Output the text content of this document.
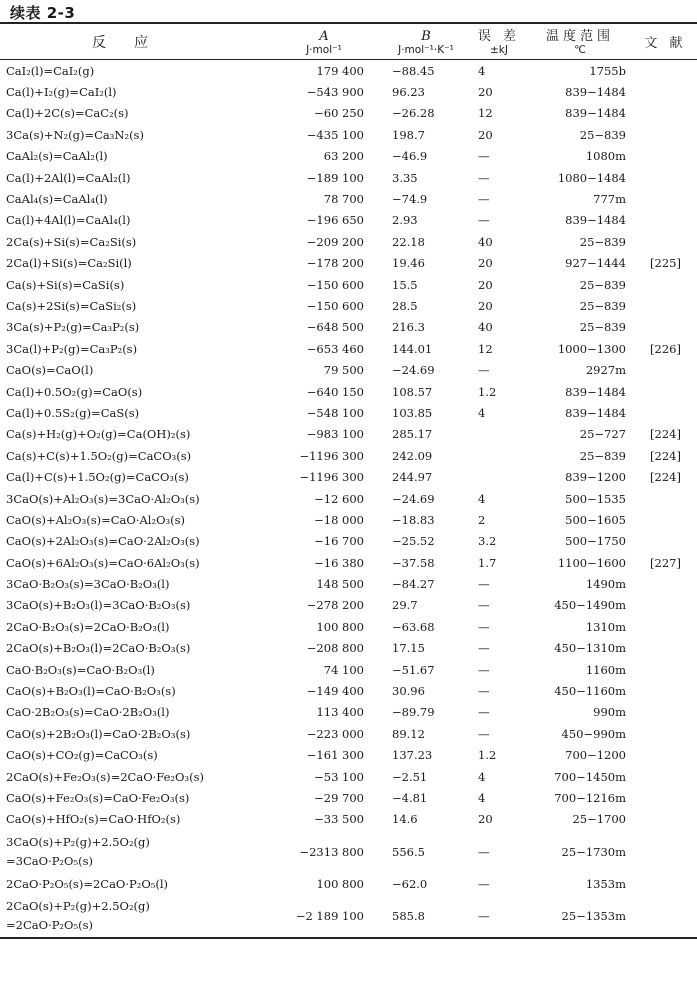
续表 2-3
反应	A	B	误 差	温度范围	文 献
	J·mol⁻¹	J·mol⁻¹·K⁻¹	±kJ	℃	
CaI₂(l)=CaI₂(g)	179 400	−88.45	4	1755b	
Ca(l)+I₂(g)=CaI₂(l)	−543 900	96.23	20	839−1484	
Ca(l)+2C(s)=CaC₂(s)	−60 250	−26.28	12	839−1484	
3Ca(s)+N₂(g)=Ca₃N₂(s)	−435 100	198.7	20	25−839	
CaAl₂(s)=CaAl₂(l)	63 200	−46.9	—	1080m	
Ca(l)+2Al(l)=CaAl₂(l)	−189 100	3.35	—	1080−1484	
CaAl₄(s)=CaAl₄(l)	78 700	−74.9	—	777m	
Ca(l)+4Al(l)=CaAl₄(l)	−196 650	2.93	—	839−1484	
2Ca(s)+Si(s)=Ca₂Si(s)	−209 200	22.18	40	25−839	
2Ca(l)+Si(s)=Ca₂Si(l)	−178 200	19.46	20	927−1444	[225]
Ca(s)+Si(s)=CaSi(s)	−150 600	15.5	20	25−839	
Ca(s)+2Si(s)=CaSi₂(s)	−150 600	28.5	20	25−839	
3Ca(s)+P₂(g)=Ca₃P₂(s)	−648 500	216.3	40	25−839	
3Ca(l)+P₂(g)=Ca₃P₂(s)	−653 460	144.01	12	1000−1300	[226]
CaO(s)=CaO(l)	79 500	−24.69	—	2927m	
Ca(l)+0.5O₂(g)=CaO(s)	−640 150	108.57	1.2	839−1484	
Ca(l)+0.5S₂(g)=CaS(s)	−548 100	103.85	4	839−1484	
Ca(s)+H₂(g)+O₂(g)=Ca(OH)₂(s)	−983 100	285.17		25−727	[224]
Ca(s)+C(s)+1.5O₂(g)=CaCO₃(s)	−1196 300	242.09		25−839	[224]
Ca(l)+C(s)+1.5O₂(g)=CaCO₃(s)	−1196 300	244.97		839−1200	[224]
3CaO(s)+Al₂O₃(s)=3CaO·Al₂O₃(s)	−12 600	−24.69	4	500−1535	
CaO(s)+Al₂O₃(s)=CaO·Al₂O₃(s)	−18 000	−18.83	2	500−1605	
CaO(s)+2Al₂O₃(s)=CaO·2Al₂O₃(s)	−16 700	−25.52	3.2	500−1750	
CaO(s)+6Al₂O₃(s)=CaO·6Al₂O₃(s)	−16 380	−37.58	1.7	1100−1600	[227]
3CaO·B₂O₃(s)=3CaO·B₂O₃(l)	148 500	−84.27	—	1490m	
3CaO(s)+B₂O₃(l)=3CaO·B₂O₃(s)	−278 200	29.7	—	450−1490m	
2CaO·B₂O₃(s)=2CaO·B₂O₃(l)	100 800	−63.68	—	1310m	
2CaO(s)+B₂O₃(l)=2CaO·B₂O₃(s)	−208 800	17.15	—	450−1310m	
CaO·B₂O₃(s)=CaO·B₂O₃(l)	74 100	−51.67	—	1160m	
CaO(s)+B₂O₃(l)=CaO·B₂O₃(s)	−149 400	30.96	—	450−1160m	
CaO·2B₂O₃(s)=CaO·2B₂O₃(l)	113 400	−89.79	—	990m	
CaO(s)+2B₂O₃(l)=CaO·2B₂O₃(s)	−223 000	89.12	—	450−990m	
CaO(s)+CO₂(g)=CaCO₃(s)	−161 300	137.23	1.2	700−1200	
2CaO(s)+Fe₂O₃(s)=2CaO·Fe₂O₃(s)	−53 100	−2.51	4	700−1450m	
CaO(s)+Fe₂O₃(s)=CaO·Fe₂O₃(s)	−29 700	−4.81	4	700−1216m	
CaO(s)+HfO₂(s)=CaO·HfO₂(s)	−33 500	14.6	20	25−1700	

3CaO(s)+P₂(g)+2.5O₂(g)
=3CaO·P₂O₅(s)	−2313 800	556.5	—	25−1730m	
2CaO·P₂O₅(s)=2CaO·P₂O₅(l)	100 800	−62.0	—	1353m	

2CaO(s)+P₂(g)+2.5O₂(g)
=2CaO·P₂O₅(s)	−2 189 100	585.8	—	25−1353m	
